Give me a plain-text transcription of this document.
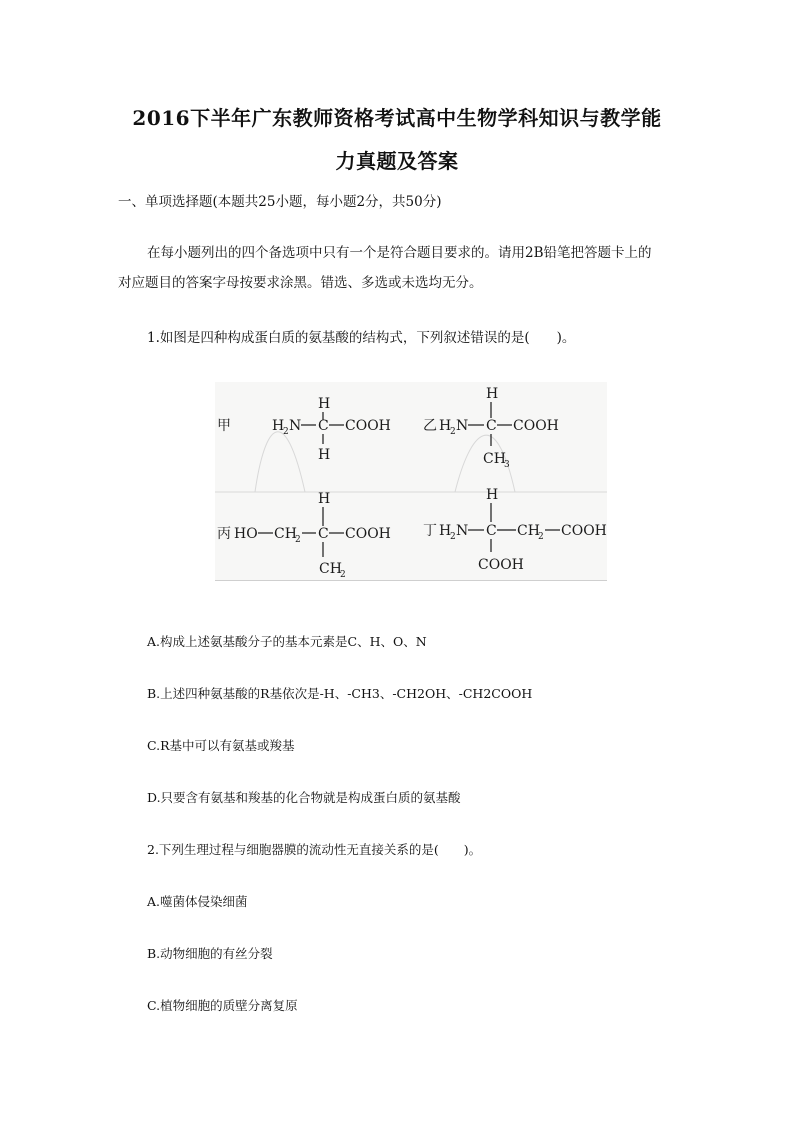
2016下半年广东教师资格考试高中生物学科知识与教学能
力真题及答案
一、单项选择题(本题共25小题，每小题2分，共50分)
在每小题列出的四个备选项中只有一个是符合题目要求的。请用2B铅笔把答题卡上的
对应题目的答案字母按要求涂黑。错选、多选或未选均无分。
1.如图是四种构成蛋白质的氨基酸的结构式，下列叙述错误的是(　　)。
甲
H
H
2 N C COOH
H
乙
H
H
2 N C COOH
CH
3
丙
H
HO CH
2 C COOH
CH
2
丁
H
H
2 N C CH
2 COOH
COOH
A.构成上述氨基酸分子的基本元素是C、H、O、N
B.上述四种氨基酸的R基依次是-H、-CH3、-CH2OH、-CH2COOH
C.R基中可以有氨基或羧基
D.只要含有氨基和羧基的化合物就是构成蛋白质的氨基酸
2.下列生理过程与细胞器膜的流动性无直接关系的是(　　)。
A.噬菌体侵染细菌
B.动物细胞的有丝分裂
C.植物细胞的质壁分离复原
